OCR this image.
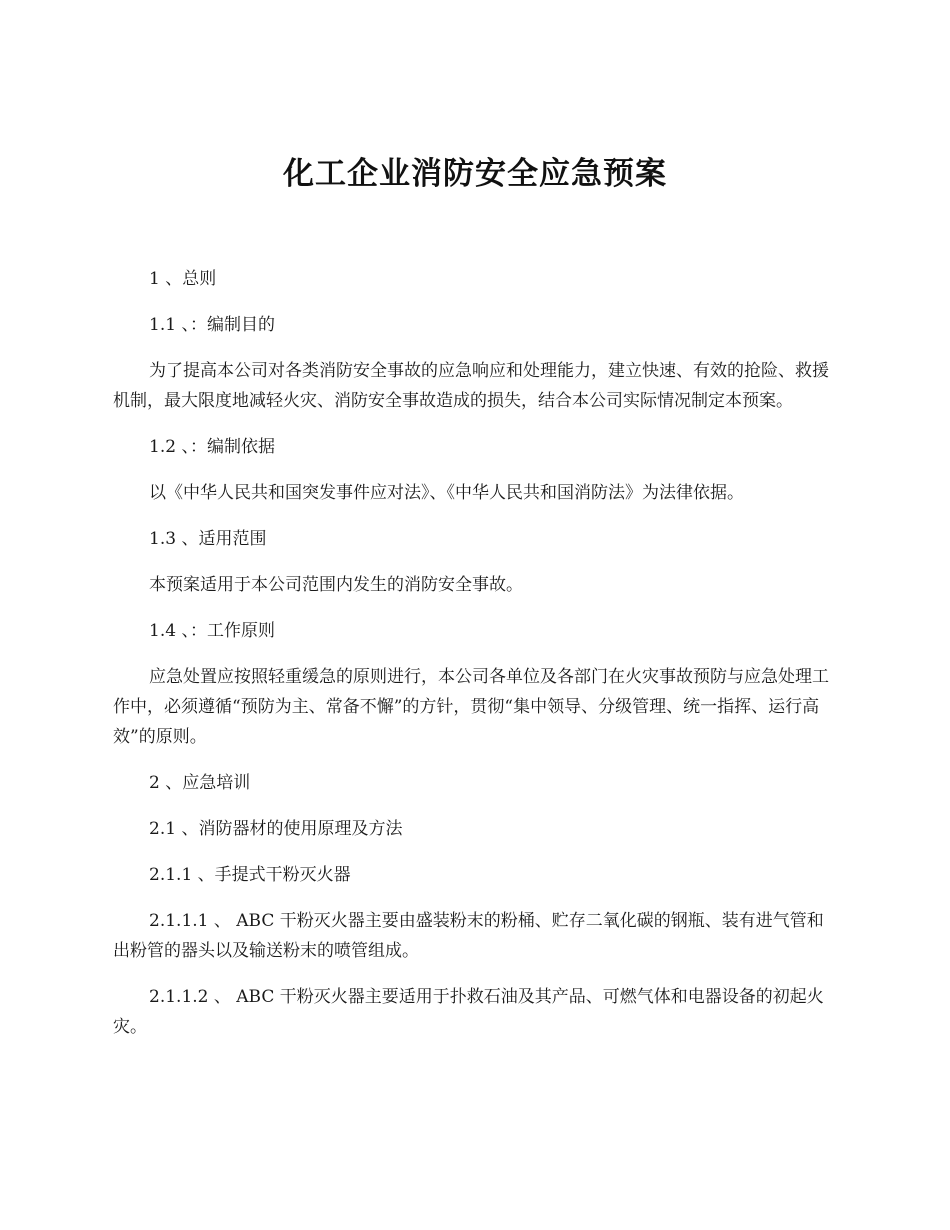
化工企业消防安全应急预案

1 、总则

1.1 、：编制目的

为了提高本公司对各类消防安全事故的应急响应和处理能力，建立快速、有效的抢险、救援 机制，最大限度地减轻火灾、消防安全事故造成的损失，结合本公司实际情况制定本预案。

1.2 、：编制依据

以《中华人民共和国突发事件应对法》、《中华人民共和国消防法》为法律依据。

1.3 、适用范围

本预案适用于本公司范围内发生的消防安全事故。

1.4 、：工作原则

应急处置应按照轻重缓急的原则进行，本公司各单位及各部门在火灾事故预防与应急处理工作中，必须遵循“预防为主、常备不懈”的方针，贯彻“集中领导、分级管理、统一指挥、运行高效”的原则。

2 、应急培训

2.1 、消防器材的使用原理及方法

2.1.1 、手提式干粉灭火器

2.1.1.1 、 ABC 干粉灭火器主要由盛装粉末的粉桶、贮存二氧化碳的钢瓶、装有进气管和出粉管的器头以及输送粉末的喷管组成。

2.1.1.2 、 ABC 干粉灭火器主要适用于扑救石油及其产品、可燃气体和电器设备的初起火灾。
